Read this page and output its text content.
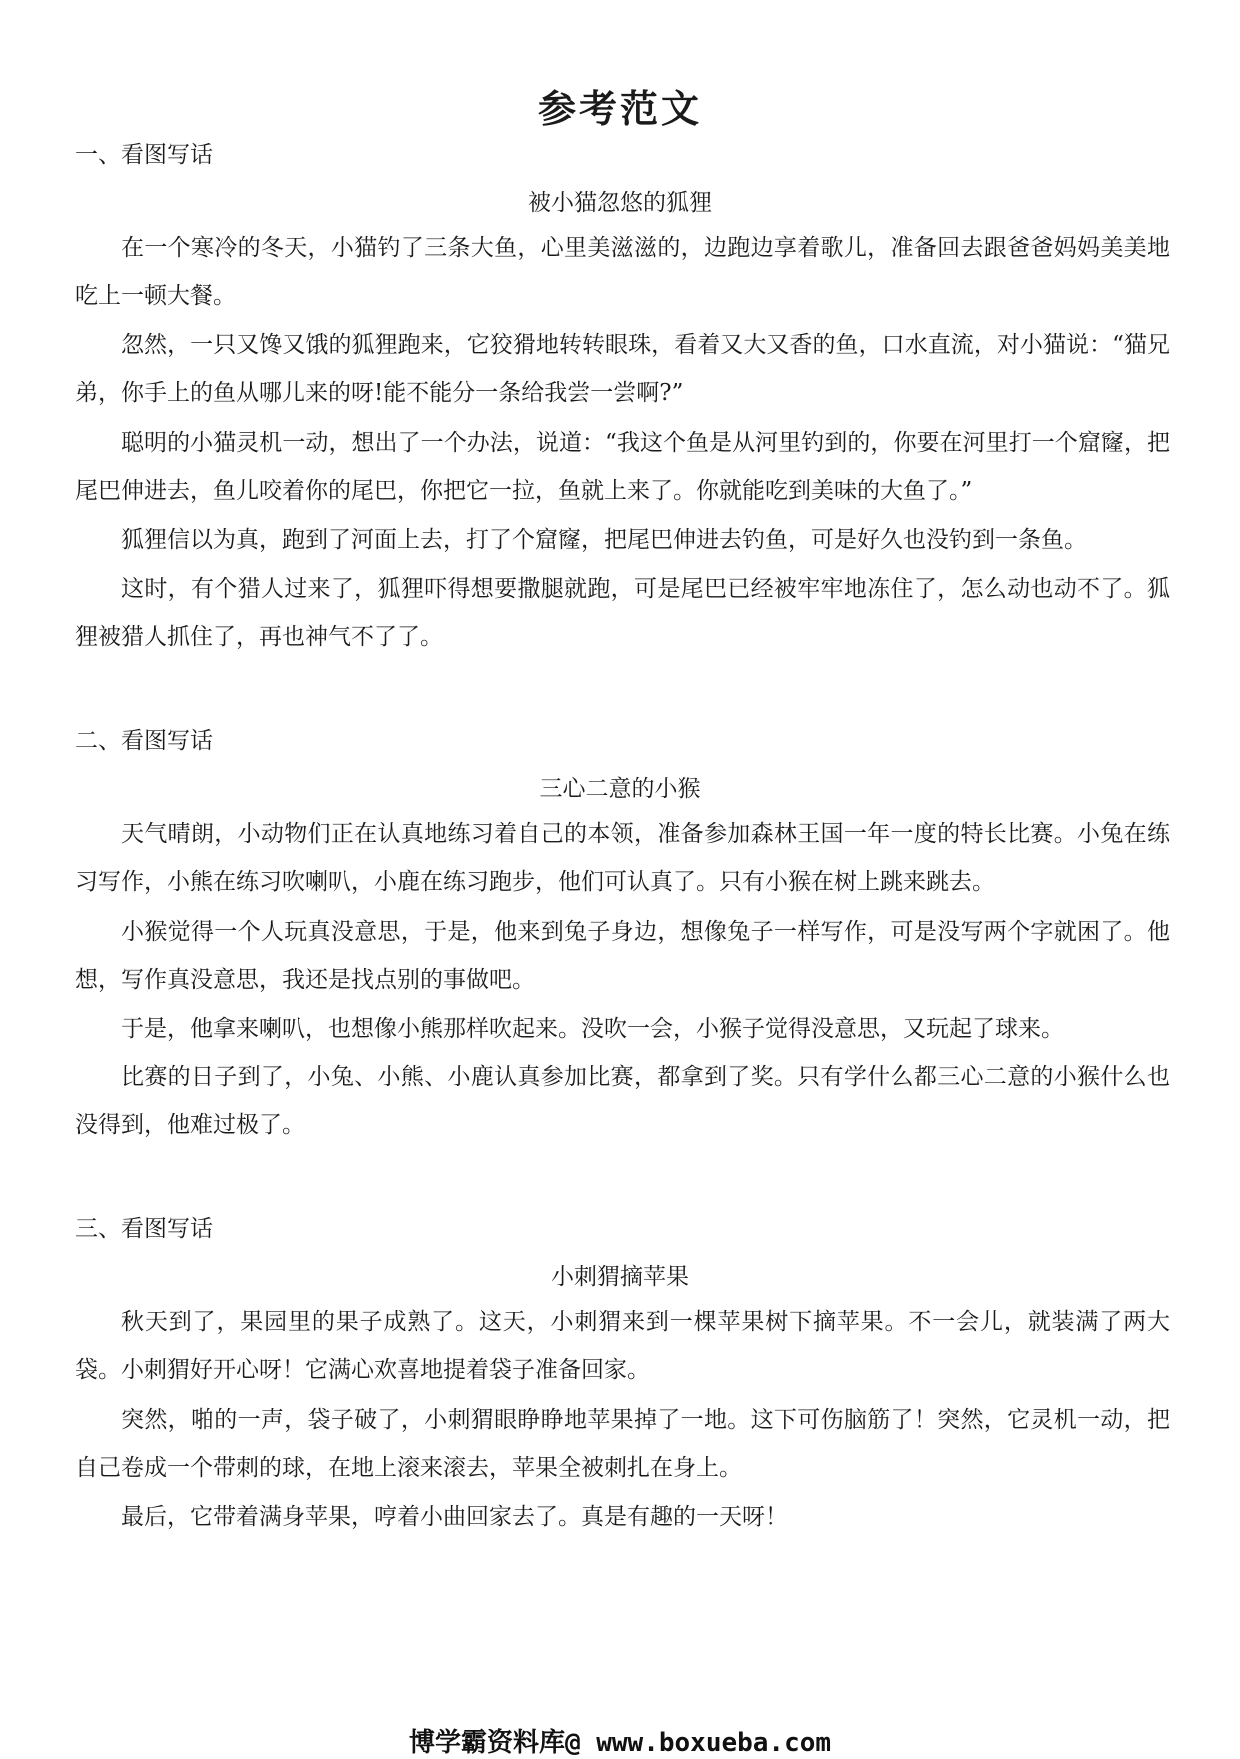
参考范文
一、看图写话
被小猫忽悠的狐狸

在一个寒冷的冬天，小猫钓了三条大鱼，心里美滋滋的，边跑边享着歌儿，准备回去跟爸爸妈妈美美地吃上一顿大餐。

忽然，一只又馋又饿的狐狸跑来，它狡猾地转转眼珠，看着又大又香的鱼，口水直流，对小猫说：“猫兄弟，你手上的鱼从哪儿来的呀!能不能分一条给我尝一尝啊?”

聪明的小猫灵机一动，想出了一个办法，说道：“我这个鱼是从河里钓到的，你要在河里打一个窟窿，把尾巴伸进去，鱼儿咬着你的尾巴，你把它一拉，鱼就上来了。你就能吃到美味的大鱼了。”

狐狸信以为真，跑到了河面上去，打了个窟窿，把尾巴伸进去钓鱼，可是好久也没钓到一条鱼。

这时，有个猎人过来了，狐狸吓得想要撒腿就跑，可是尾巴已经被牢牢地冻住了，怎么动也动不了。狐狸被猎人抓住了，再也神气不了了。

二、看图写话
三心二意的小猴

天气晴朗，小动物们正在认真地练习着自己的本领，准备参加森林王国一年一度的特长比赛。小兔在练习写作，小熊在练习吹喇叭，小鹿在练习跑步，他们可认真了。只有小猴在树上跳来跳去。

小猴觉得一个人玩真没意思，于是，他来到兔子身边，想像兔子一样写作，可是没写两个字就困了。他想，写作真没意思，我还是找点别的事做吧。

于是，他拿来喇叭，也想像小熊那样吹起来。没吹一会，小猴子觉得没意思，又玩起了球来。

比赛的日子到了，小兔、小熊、小鹿认真参加比赛，都拿到了奖。只有学什么都三心二意的小猴什么也没得到，他难过极了。

三、看图写话
小刺猬摘苹果

秋天到了，果园里的果子成熟了。这天，小刺猬来到一棵苹果树下摘苹果。不一会儿，就装满了两大袋。小刺猬好开心呀！它满心欢喜地提着袋子准备回家。

突然，啪的一声，袋子破了，小刺猬眼睁睁地苹果掉了一地。这下可伤脑筋了！突然，它灵机一动，把自己卷成一个带刺的球，在地上滚来滚去，苹果全被刺扎在身上。

最后，它带着满身苹果，哼着小曲回家去了。真是有趣的一天呀！

博学霸资料库@ www.boxueba.com
